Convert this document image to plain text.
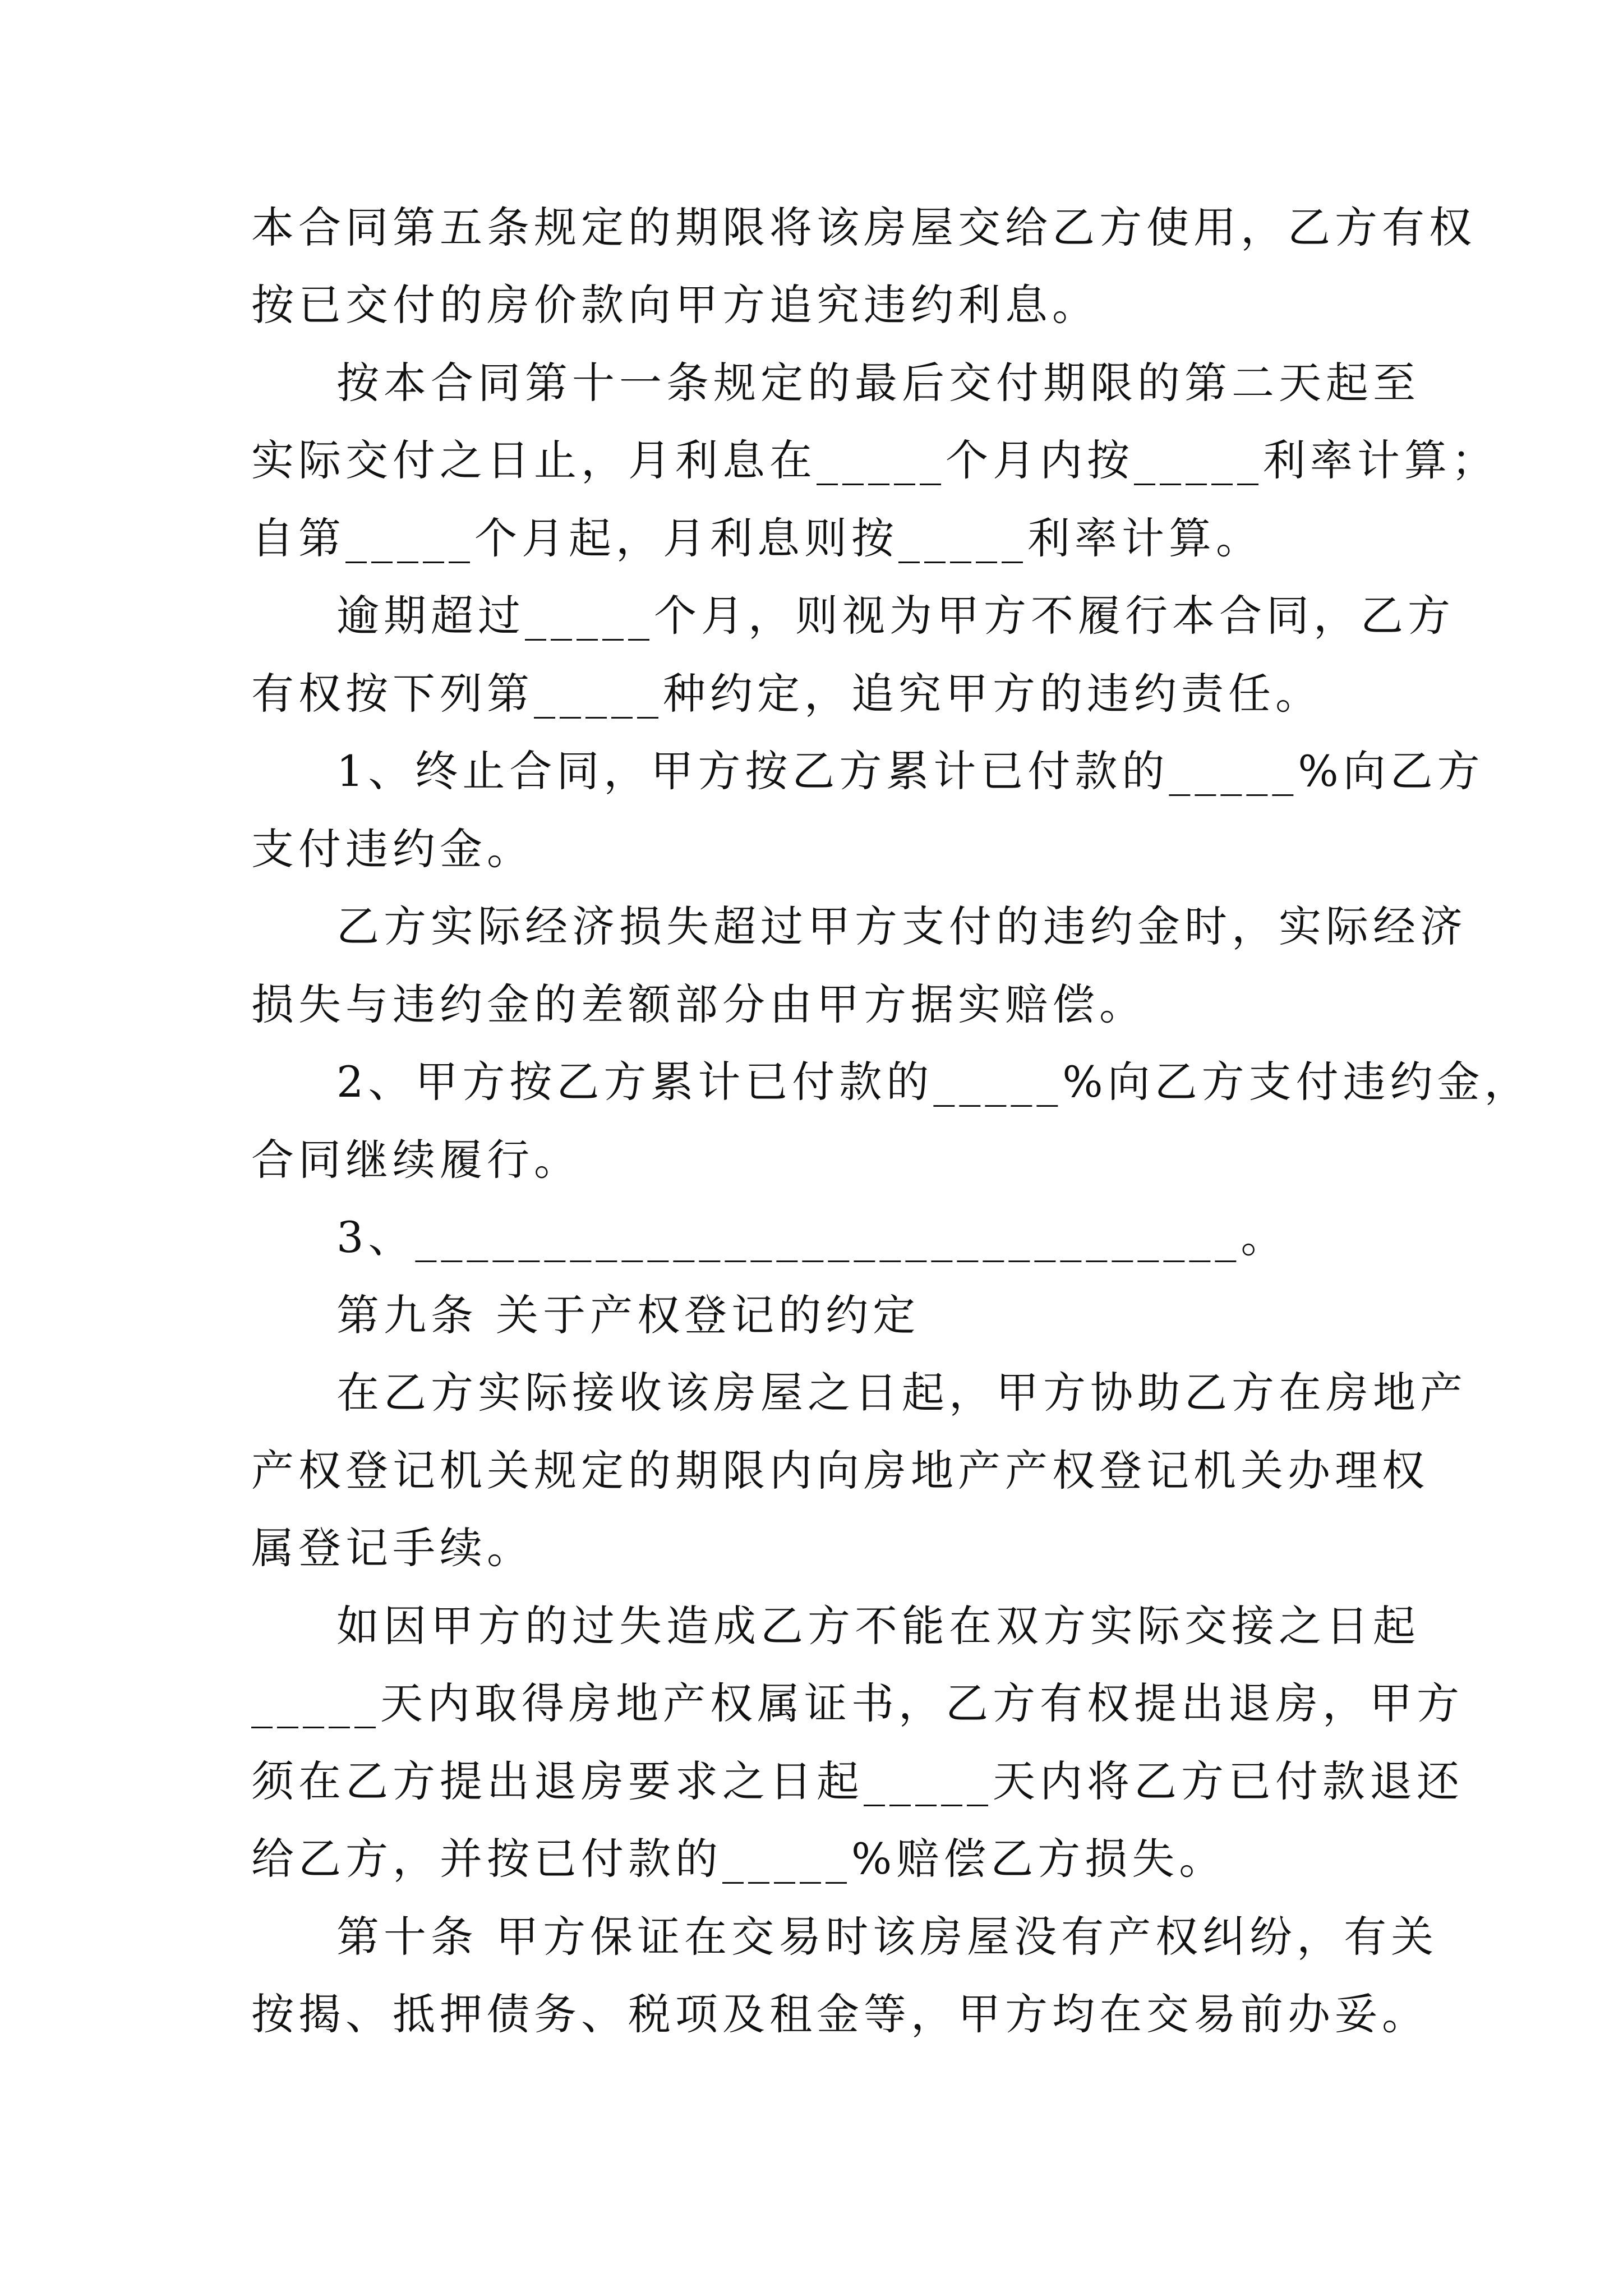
本合同第五条规定的期限将该房屋交给乙方使用，乙方有权
按已交付的房价款向甲方追究违约利息。
按本合同第十一条规定的最后交付期限的第二天起至
实际交付之日止，月利息在_____个月内按_____利率计算；
自第_____个月起，月利息则按_____利率计算。
逾期超过_____个月，则视为甲方不履行本合同，乙方
有权按下列第_____种约定，追究甲方的违约责任。
1、终止合同，甲方按乙方累计已付款的_____%向乙方
支付违约金。
乙方实际经济损失超过甲方支付的违约金时，实际经济
损失与违约金的差额部分由甲方据实赔偿。
2、甲方按乙方累计已付款的_____%向乙方支付违约金，
合同继续履行。
3、________________________________。
第九条 关于产权登记的约定
在乙方实际接收该房屋之日起，甲方协助乙方在房地产
产权登记机关规定的期限内向房地产产权登记机关办理权
属登记手续。
如因甲方的过失造成乙方不能在双方实际交接之日起
_____天内取得房地产权属证书，乙方有权提出退房，甲方
须在乙方提出退房要求之日起_____天内将乙方已付款退还
给乙方，并按已付款的_____%赔偿乙方损失。
第十条 甲方保证在交易时该房屋没有产权纠纷，有关
按揭、抵押债务、税项及租金等，甲方均在交易前办妥。
